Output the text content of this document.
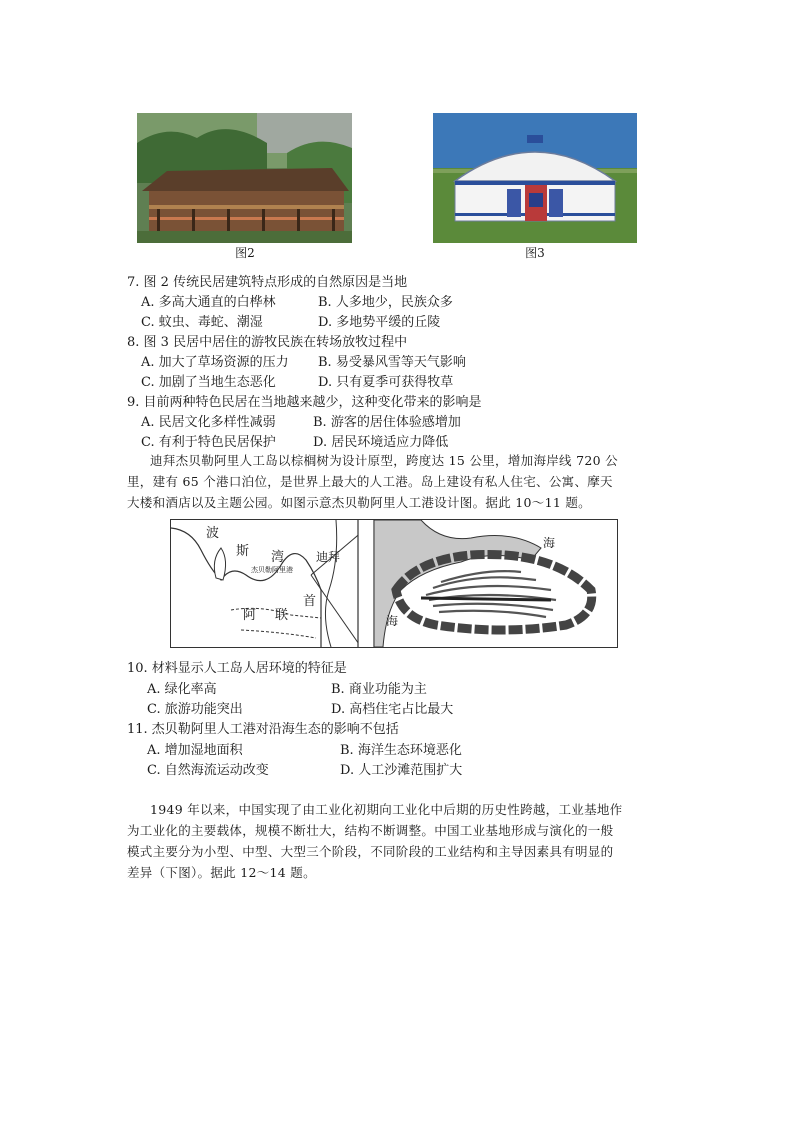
图2	图3
7. 图 2 传统民居建筑特点形成的自然原因是当地
A. 多高大通直的白桦林	B. 人多地少，民族众多
C. 蚊虫、毒蛇、潮湿	D. 多地势平缓的丘陵
8. 图 3 民居中居住的游牧民族在转场放牧过程中
A. 加大了草场资源的压力 B. 易受暴风雪等天气影响
C. 加剧了当地生态恶化	D. 只有夏季可获得牧草
9. 目前两种特色民居在当地越来越少，这种变化带来的影响是
A. 民居文化多样性减弱	B. 游客的居住体验感增加
C. 有利于特色民居保护	D. 居民环境适应力降低
迪拜杰贝勒阿里人工岛以棕榈树为设计原型，跨度达 15 公里，增加海岸线 720 公
里，建有 65 个港口泊位，是世界上最大的人工港。岛上建设有私人住宅、公寓、摩天
大楼和酒店以及主题公园。如图示意杰贝勒阿里人工港设计图。据此 10～11 题。
波
斯 湾	迪拜
杰贝勒阿里港
首
阿 联
海
海
10. 材料显示人工岛人居环境的特征是
A. 绿化率高	B. 商业功能为主
C. 旅游功能突出	D. 高档住宅占比最大
11. 杰贝勒阿里人工港对沿海生态的影响不包括
A. 增加湿地面积	B. 海洋生态环境恶化
C. 自然海流运动改变	D. 人工沙滩范围扩大
1949 年以来，中国实现了由工业化初期向工业化中后期的历史性跨越，工业基地作
为工业化的主要载体，规模不断壮大，结构不断调整。中国工业基地形成与演化的一般
模式主要分为小型、中型、大型三个阶段，不同阶段的工业结构和主导因素具有明显的
差异（下图）。据此 12～14 题。
